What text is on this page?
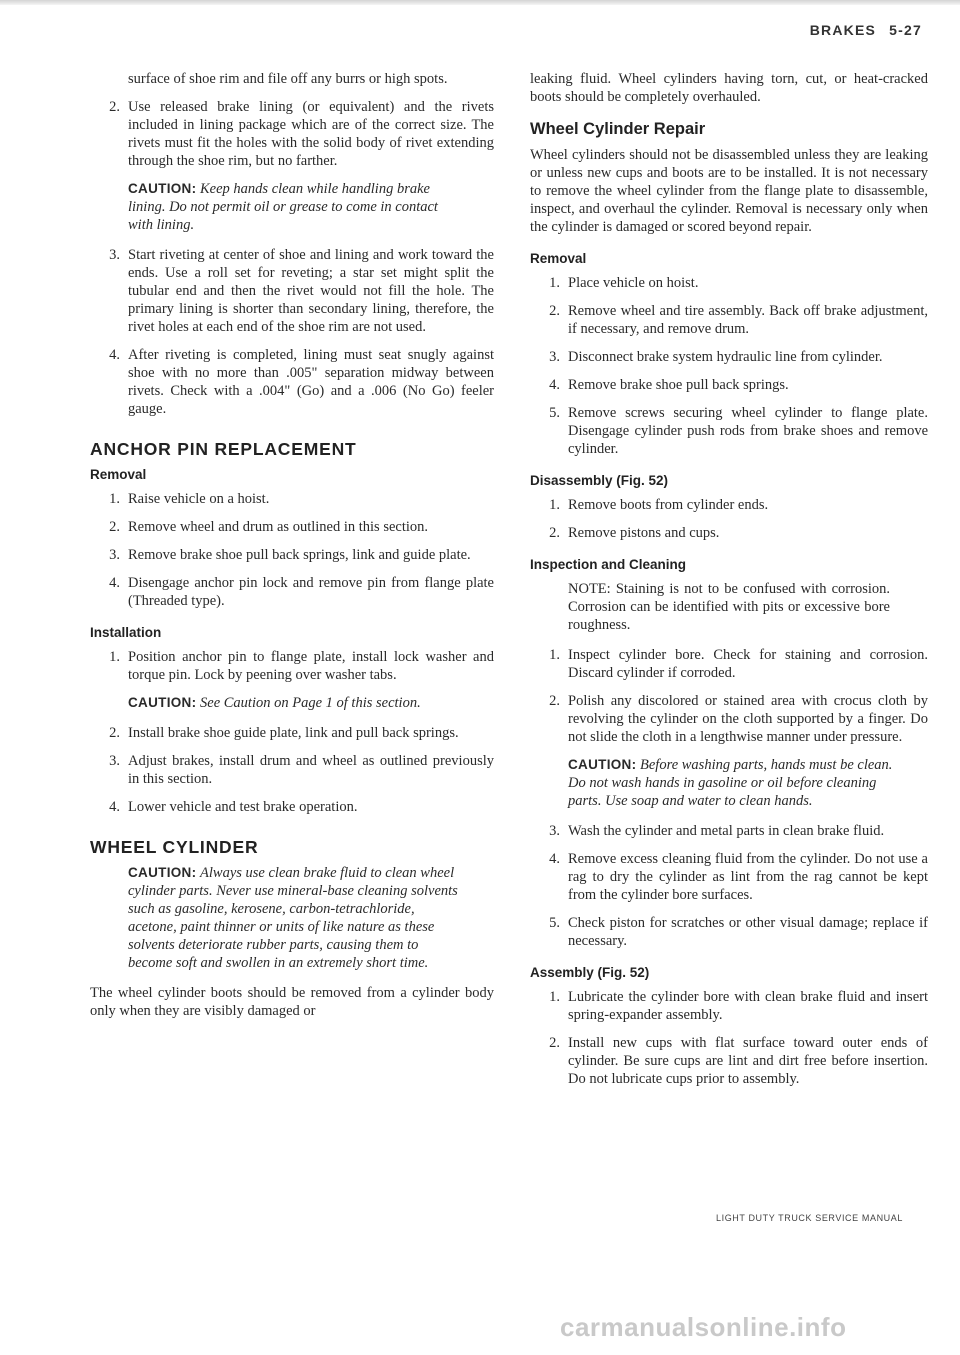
BRAKES 5-27

surface of shoe rim and file off any burrs or high spots.

2. Use released brake lining (or equivalent) and the rivets included in lining package which are of the correct size. The rivets must fit the holes with the solid body of rivet extending through the shoe rim, but no farther.
CAUTION: Keep hands clean while handling brake lining. Do not permit oil or grease to come in contact with lining.
3. Start riveting at center of shoe and lining and work toward the ends. Use a roll set for reveting; a star set might split the tubular end and then the rivet would not fill the hole. The primary lining is shorter than secondary lining, therefore, the rivet holes at each end of the shoe rim are not used.
4. After riveting is completed, lining must seat snugly against shoe with no more than .005" separation midway between rivets. Check with a .004" (Go) and a .006 (No Go) feeler gauge.
ANCHOR PIN REPLACEMENT
Removal
1. Raise vehicle on a hoist.
2. Remove wheel and drum as outlined in this section.
3. Remove brake shoe pull back springs, link and guide plate.
4. Disengage anchor pin lock and remove pin from flange plate (Threaded type).
Installation
1. Position anchor pin to flange plate, install lock washer and torque pin. Lock by peening over washer tabs.
CAUTION: See Caution on Page 1 of this section.
2. Install brake shoe guide plate, link and pull back springs.
3. Adjust brakes, install drum and wheel as outlined previously in this section.
4. Lower vehicle and test brake operation.
WHEEL CYLINDER
CAUTION: Always use clean brake fluid to clean wheel cylinder parts. Never use mineral-base cleaning solvents such as gasoline, kerosene, carbon-tetrachloride, acetone, paint thinner or units of like nature as these solvents deteriorate rubber parts, causing them to become soft and swollen in an extremely short time.

The wheel cylinder boots should be removed from a cylinder body only when they are visibly damaged or

leaking fluid. Wheel cylinders having torn, cut, or heat-cracked boots should be completely overhauled.

Wheel Cylinder Repair

Wheel cylinders should not be disassembled unless they are leaking or unless new cups and boots are to be installed. It is not necessary to remove the wheel cylinder from the flange plate to disassemble, inspect, and overhaul the cylinder. Removal is necessary only when the cylinder is damaged or scored beyond repair.

Removal
1. Place vehicle on hoist.
2. Remove wheel and tire assembly. Back off brake adjustment, if necessary, and remove drum.
3. Disconnect brake system hydraulic line from cylinder.
4. Remove brake shoe pull back springs.
5. Remove screws securing wheel cylinder to flange plate. Disengage cylinder push rods from brake shoes and remove cylinder.
Disassembly (Fig. 52)
1. Remove boots from cylinder ends.
2. Remove pistons and cups.
Inspection and Cleaning

NOTE: Staining is not to be confused with corrosion. Corrosion can be identified with pits or excessive bore roughness.

1. Inspect cylinder bore. Check for staining and corrosion. Discard cylinder if corroded.
2. Polish any discolored or stained area with crocus cloth by revolving the cylinder on the cloth supported by a finger. Do not slide the cloth in a lengthwise manner under pressure.
CAUTION: Before washing parts, hands must be clean. Do not wash hands in gasoline or oil before cleaning parts. Use soap and water to clean hands.
3. Wash the cylinder and metal parts in clean brake fluid.
4. Remove excess cleaning fluid from the cylinder. Do not use a rag to dry the cylinder as lint from the rag cannot be kept from the cylinder bore surfaces.
5. Check piston for scratches or other visual damage; replace if necessary.
Assembly (Fig. 52)
1. Lubricate the cylinder bore with clean brake fluid and insert spring-expander assembly.
2. Install new cups with flat surface toward outer ends of cylinder. Be sure cups are lint and dirt free before insertion. Do not lubricate cups prior to assembly.
LIGHT DUTY TRUCK SERVICE MANUAL
carmanualsonline.info
